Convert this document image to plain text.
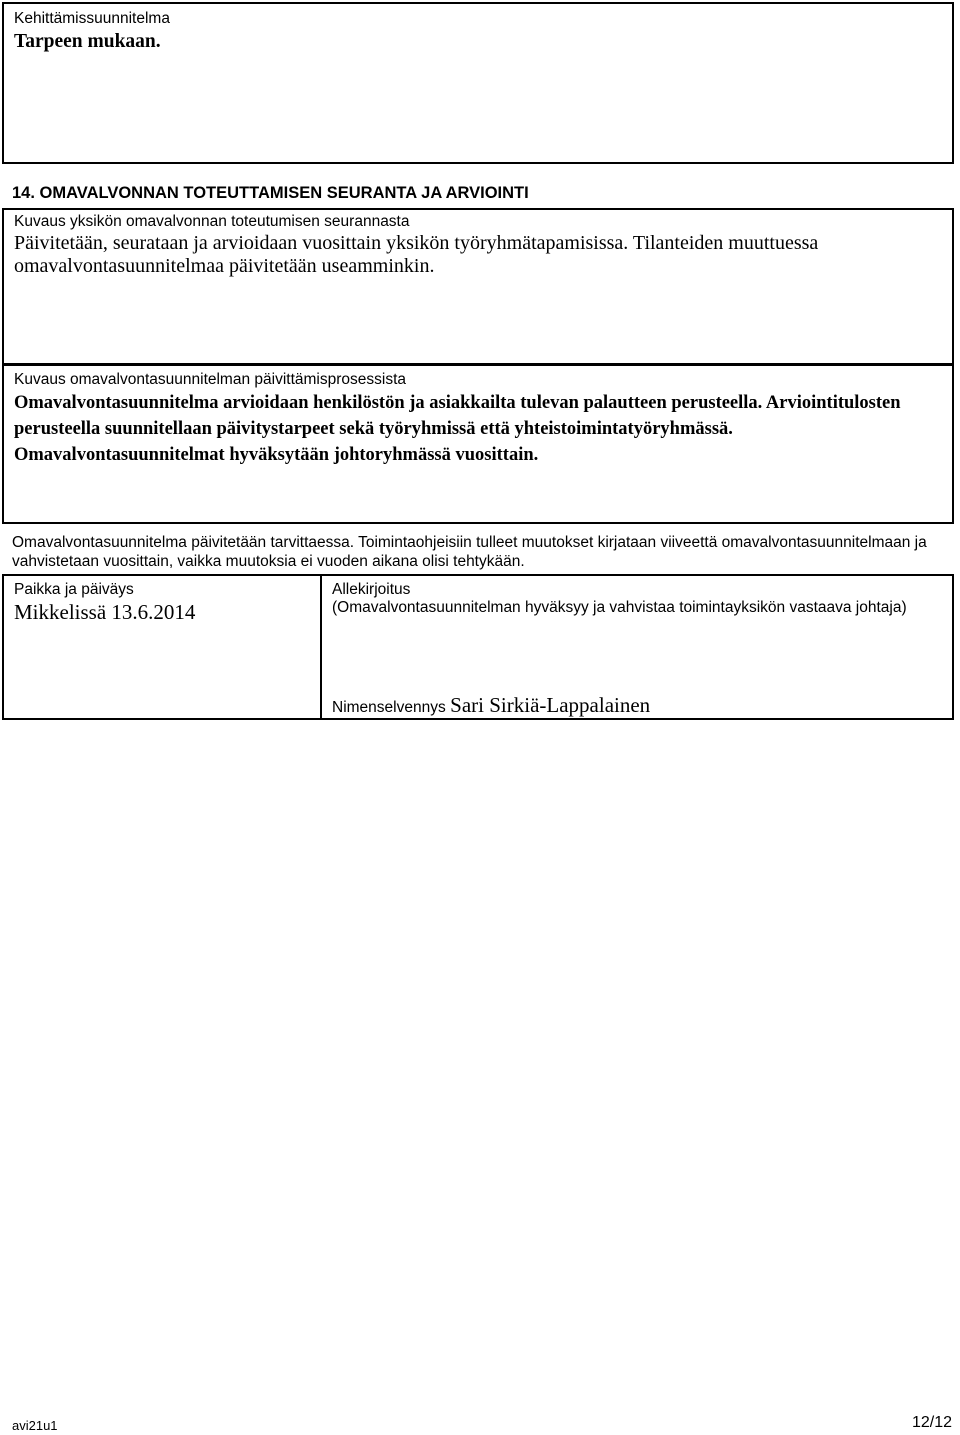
Kehittämissuunnitelma
Tarpeen mukaan.
14. OMAVALVONNAN TOTEUTTAMISEN SEURANTA JA ARVIOINTI
Kuvaus yksikön omavalvonnan toteutumisen seurannasta

Päivitetään, seurataan ja arvioidaan vuosittain yksikön työryhmätapamisissa. Tilanteiden muuttuessa omavalvontasuunnitelmaa päivitetään useamminkin.

Kuvaus omavalvontasuunnitelman päivittämisprosessista

Omavalvontasuunnitelma arvioidaan henkilöstön ja asiakkailta tulevan palautteen perusteella. Arviointitulosten perusteella suunnitellaan päivitystarpeet sekä työryhmissä että yhteistoimintatyöryhmässä. Omavalvontasuunnitelmat hyväksytään johtoryhmässä vuosittain.

Omavalvontasuunnitelma päivitetään tarvittaessa. Toimintaohjeisiin tulleet muutokset kirjataan viiveettä omavalvontasuunnitelmaan ja vahvistetaan vuosittain, vaikka muutoksia ei vuoden aikana olisi tehtykään.

Paikka ja päiväys
Mikkelissä 13.6.2014
Allekirjoitus
(Omavalvontasuunnitelman hyväksyy ja vahvistaa toimintayksikön vastaava johtaja)
Nimenselvennys Sari Sirkiä-Lappalainen
avi21u1	12/12
